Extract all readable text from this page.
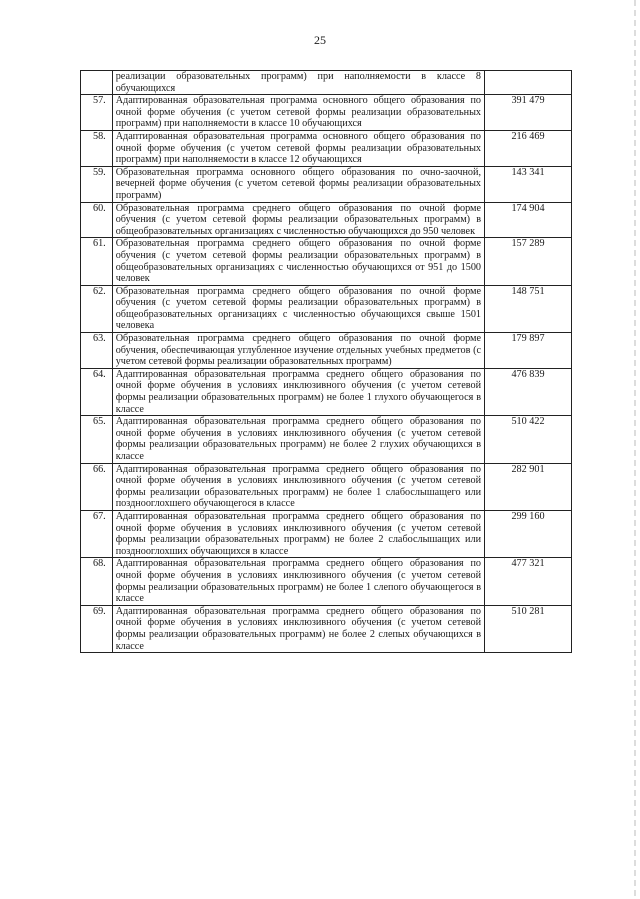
25
	реализации образовательных программ) при наполняемости в классе 8 обучающихся	
57.	Адаптированная образовательная программа основного общего образования по очной форме обучения (с учетом сетевой формы реализации образовательных программ) при наполняемости в классе 10 обучающихся	391 479
58.	Адаптированная образовательная программа основного общего образования по очной форме обучения (с учетом сетевой формы реализации образовательных программ) при наполняемости в классе 12 обучающихся	216 469
59.	Образовательная программа основного общего образования по очно-заочной, вечерней форме обучения (с учетом сетевой формы реализации образовательных программ)	143 341
60.	Образовательная программа среднего общего образования по очной форме обучения (с учетом сетевой формы реализации образовательных программ) в общеобразовательных организациях с численностью обучающихся до 950 человек	174 904
61.	Образовательная программа среднего общего образования по очной форме обучения (с учетом сетевой формы реализации образовательных программ) в общеобразовательных организациях с численностью обучающихся от 951 до 1500 человек	157 289
62.	Образовательная программа среднего общего образования по очной форме обучения (с учетом сетевой формы реализации образовательных программ) в общеобразовательных организациях с численностью обучающихся свыше 1501 человека	148 751
63.	Образовательная программа среднего общего образования по очной форме обучения, обеспечивающая углубленное изучение отдельных учебных предметов (с учетом сетевой формы реализации образовательных программ)	179 897
64.	Адаптированная образовательная программа среднего общего образования по очной форме обучения в условиях инклюзивного обучения (с учетом сетевой формы реализации образовательных программ) не более 1 глухого обучающегося в классе	476 839
65.	Адаптированная образовательная программа среднего общего образования по очной форме обучения в условиях инклюзивного обучения (с учетом сетевой формы реализации образовательных программ) не более 2 глухих обучающихся в классе	510 422
66.	Адаптированная образовательная программа среднего общего образования по очной форме обучения в условиях инклюзивного обучения (с учетом сетевой формы реализации образовательных программ) не более 1 слабослышащего или позднооглохшего обучающегося в классе	282 901
67.	Адаптированная образовательная программа среднего общего образования по очной форме обучения в условиях инклюзивного обучения (с учетом сетевой формы реализации образовательных программ) не более 2 слабослышащих или позднооглохших обучающихся в классе	299 160
68.	Адаптированная образовательная программа среднего общего образования по очной форме обучения в условиях инклюзивного обучения (с учетом сетевой формы реализации образовательных программ) не более 1 слепого обучающегося в классе	477 321
69.	Адаптированная образовательная программа среднего общего образования по очной форме обучения в условиях инклюзивного обучения (с учетом сетевой формы реализации образовательных программ) не более 2 слепых обучающихся в классе	510 281
